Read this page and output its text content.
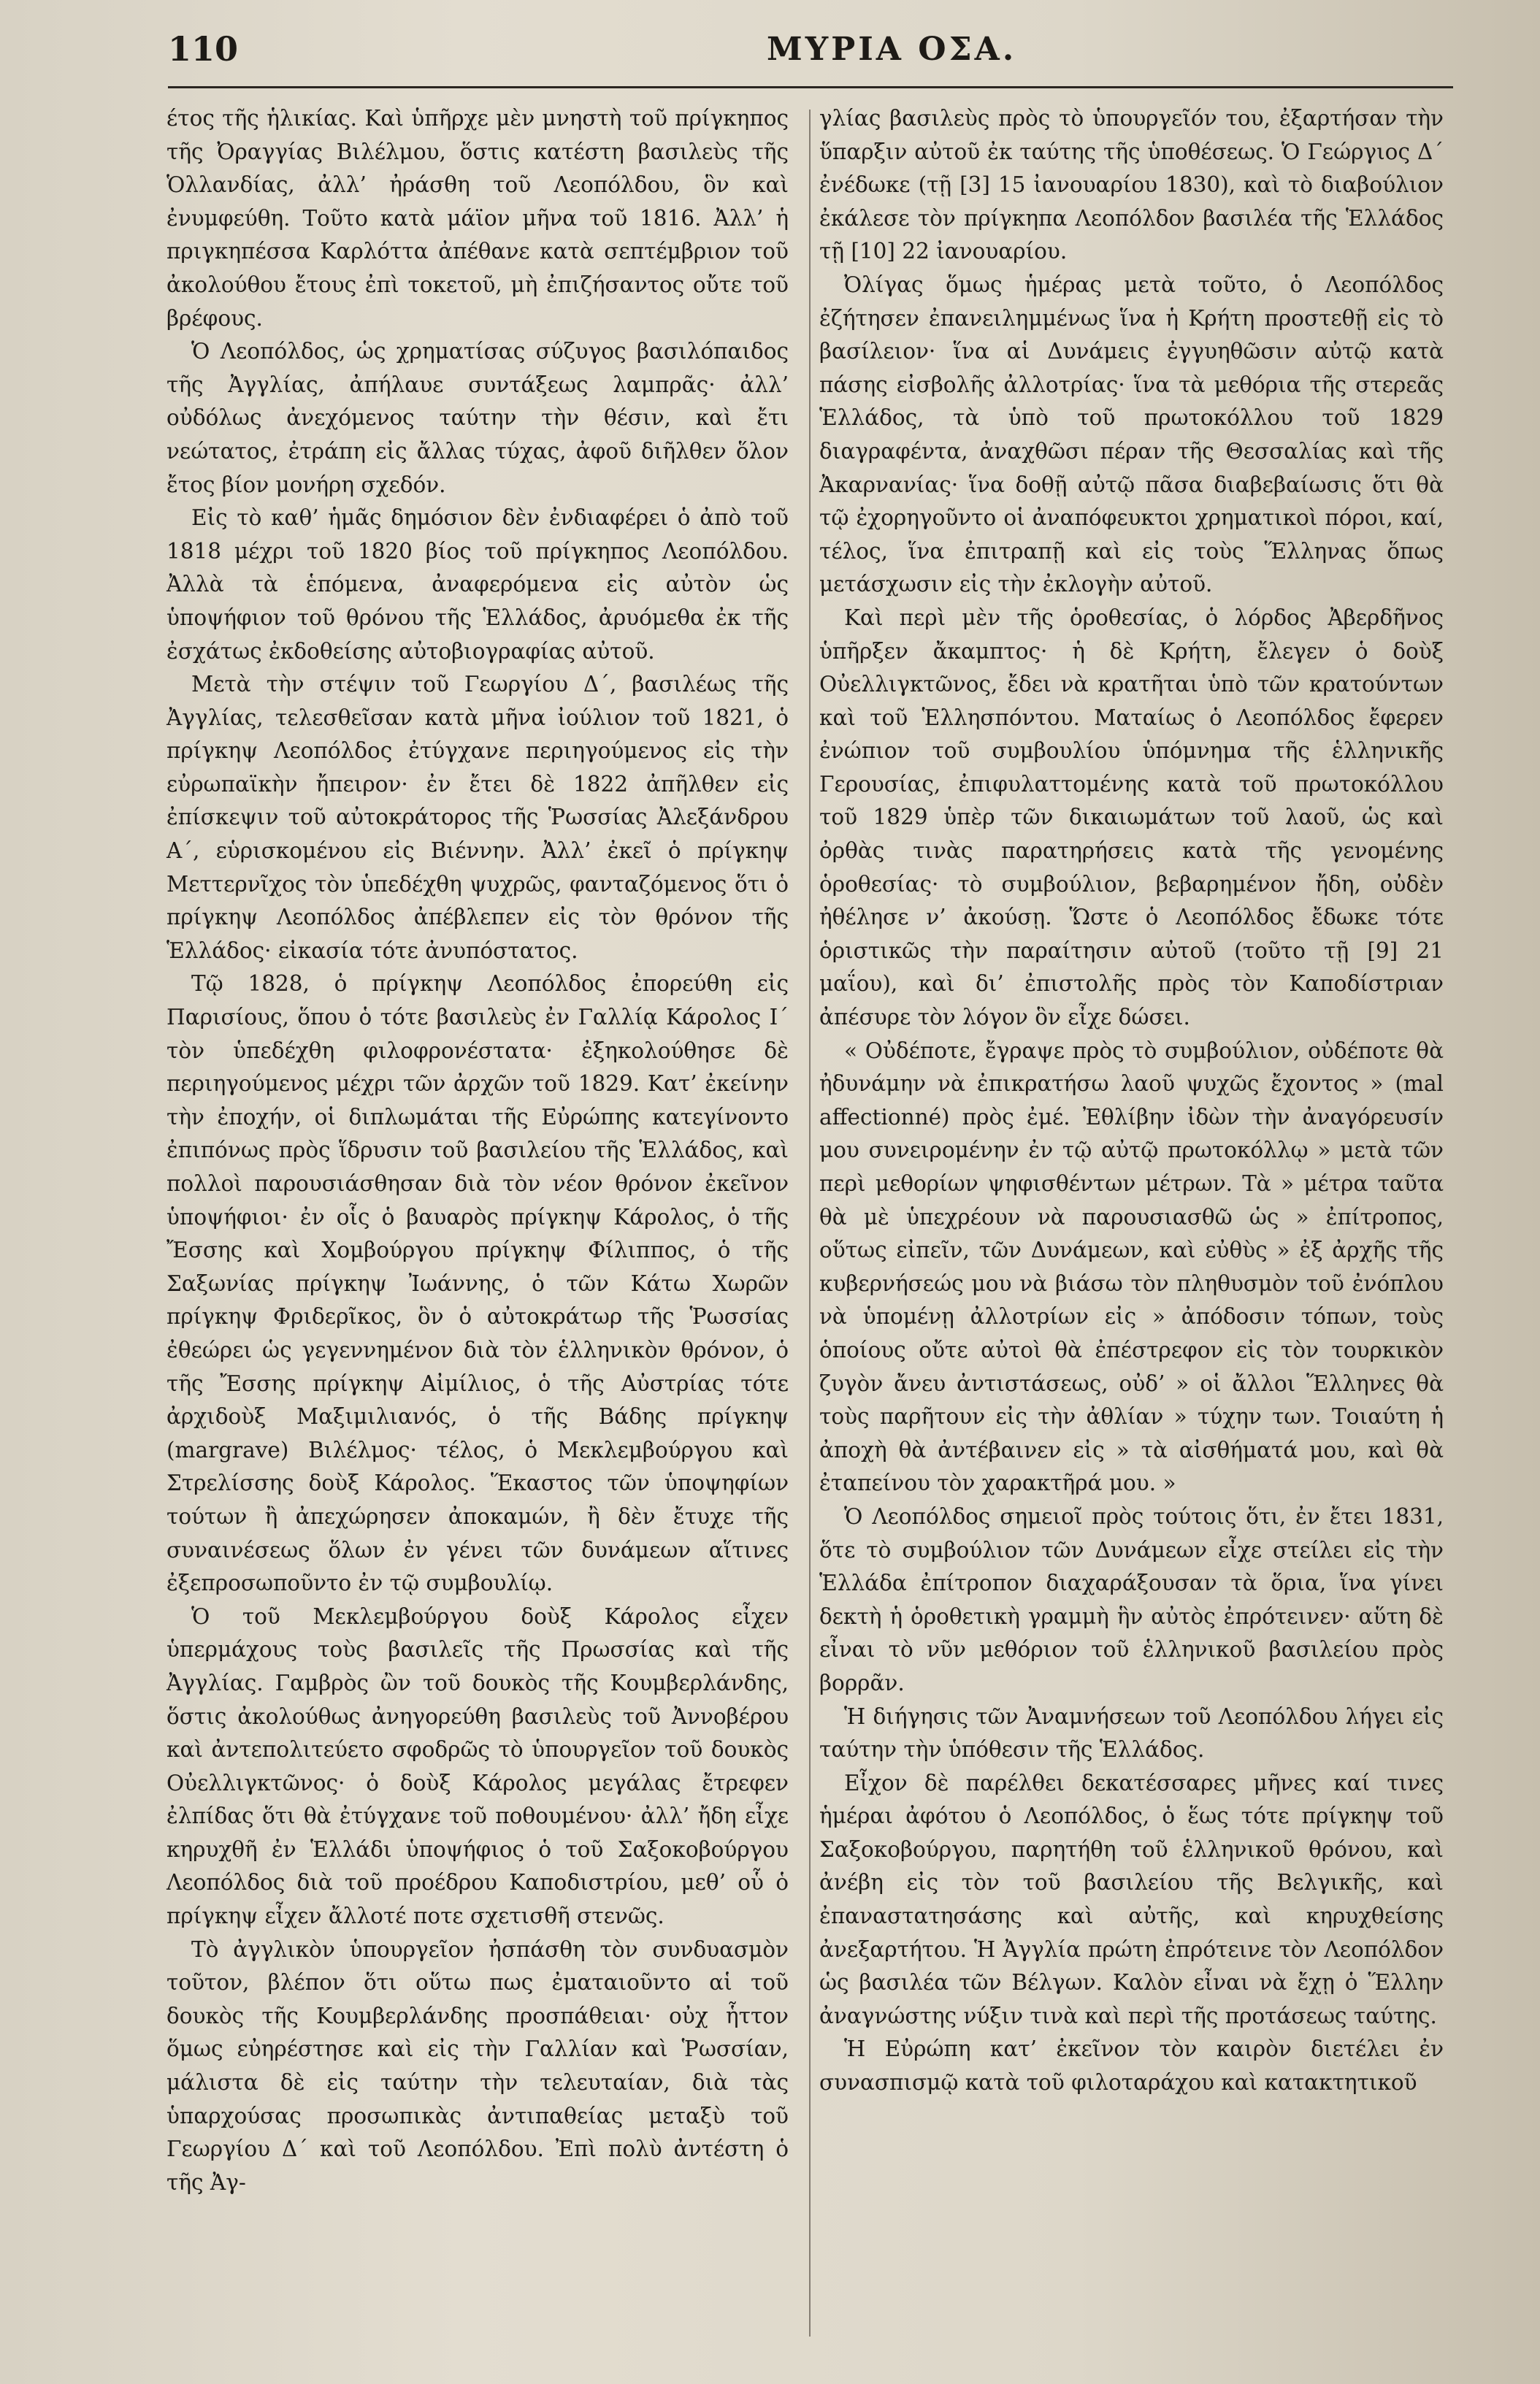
110	ΜΥΡΙΑ ΟΣΑ.

έτος τῆς ἡλικίας. Καὶ ὑπῆρχε μὲν μνηστὴ τοῦ πρίγκηπος τῆς Ὀραγγίας Βιλέλμου, ὅστις κατέστη βασιλεὺς τῆς Ὁλλανδίας, ἀλλ’ ἠράσθη τοῦ Λεοπόλδου, ὃν καὶ ἐνυμφεύθη. Τοῦτο κατὰ μάϊον μῆνα τοῦ 1816. Ἀλλ’ ἡ πριγκηπέσσα Καρλόττα ἀπέθανε κατὰ σεπτέμβριον τοῦ ἀκολούθου ἔτους ἐπὶ τοκετοῦ, μὴ ἐπιζήσαντος οὔτε τοῦ βρέφους.

Ὁ Λεοπόλδος, ὡς χρηματίσας σύζυγος βασιλόπαιδος τῆς Ἀγγλίας, ἀπήλαυε συντάξεως λαμπρᾶς· ἀλλ’ οὐδόλως ἀνεχόμενος ταύτην τὴν θέσιν, καὶ ἔτι νεώτατος, ἐτράπη εἰς ἄλλας τύχας, ἀφοῦ διῆλθεν ὅλον ἔτος βίον μονήρη σχεδόν.

Εἰς τὸ καθ’ ἡμᾶς δημόσιον δὲν ἐνδιαφέρει ὁ ἀπὸ τοῦ 1818 μέχρι τοῦ 1820 βίος τοῦ πρίγκηπος Λεοπόλδου. Ἀλλὰ τὰ ἑπόμενα, ἀναφερόμενα εἰς αὐτὸν ὡς ὑποψήφιον τοῦ θρόνου τῆς Ἑλλάδος, ἀρυόμεθα ἐκ τῆς ἐσχάτως ἐκδοθείσης αὐτοβιογραφίας αὐτοῦ.

Μετὰ τὴν στέψιν τοῦ Γεωργίου Δ΄, βασιλέως τῆς Ἀγγλίας, τελεσθεῖσαν κατὰ μῆνα ἰούλιον τοῦ 1821, ὁ πρίγκηψ Λεοπόλδος ἐτύγχανε περιηγούμενος εἰς τὴν εὐρωπαϊκὴν ἤπειρον· ἐν ἔτει δὲ 1822 ἀπῆλθεν εἰς ἐπίσκεψιν τοῦ αὐτοκράτορος τῆς Ῥωσσίας Ἀλεξάνδρου Α΄, εὑρισκομένου εἰς Βιέννην. Ἀλλ’ ἐκεῖ ὁ πρίγκηψ Μεττερνῖχος τὸν ὑπεδέχθη ψυχρῶς, φανταζόμενος ὅτι ὁ πρίγκηψ Λεοπόλδος ἀπέβλεπεν εἰς τὸν θρόνον τῆς Ἑλλάδος· εἰκασία τότε ἀνυπόστατος.

Τῷ 1828, ὁ πρίγκηψ Λεοπόλδος ἐπορεύθη εἰς Παρισίους, ὅπου ὁ τότε βασιλεὺς ἐν Γαλλίᾳ Κάρολος Ι΄ τὸν ὑπεδέχθη φιλοφρονέστατα· ἐξηκολούθησε δὲ περιηγούμενος μέχρι τῶν ἀρχῶν τοῦ 1829. Κατ’ ἐκείνην τὴν ἐποχήν, οἱ διπλωμάται τῆς Εὐρώπης κατεγίνοντο ἐπιπόνως πρὸς ἵδρυσιν τοῦ βασιλείου τῆς Ἑλλάδος, καὶ πολλοὶ παρουσιάσθησαν διὰ τὸν νέον θρόνον ἐκεῖνον ὑποψήφιοι· ἐν οἷς ὁ βαυαρὸς πρίγκηψ Κάρολος, ὁ τῆς Ἔσσης καὶ Χομβούργου πρίγκηψ Φίλιππος, ὁ τῆς Σαξωνίας πρίγκηψ Ἰωάννης, ὁ τῶν Κάτω Χωρῶν πρίγκηψ Φριδερῖκος, ὃν ὁ αὐτοκράτωρ τῆς Ῥωσσίας ἐθεώρει ὡς γεγεννημένον διὰ τὸν ἑλληνικὸν θρόνον, ὁ τῆς Ἔσσης πρίγκηψ Αἰμίλιος, ὁ τῆς Αὐστρίας τότε ἀρχιδοὺξ Μαξιμιλιανός, ὁ τῆς Βάδης πρίγκηψ (margrave) Βιλέλμος· τέλος, ὁ Μεκλεμβούργου καὶ Στρελίσσης δοὺξ Κάρολος. Ἕκαστος τῶν ὑποψηφίων τούτων ἢ ἀπεχώρησεν ἀποκαμών, ἢ δὲν ἔτυχε τῆς συναινέσεως ὅλων ἐν γένει τῶν δυνάμεων αἵτινες ἐξεπροσωποῦντο ἐν τῷ συμβουλίῳ.

Ὁ τοῦ Μεκλεμβούργου δοὺξ Κάρολος εἶχεν ὑπερμάχους τοὺς βασιλεῖς τῆς Πρωσσίας καὶ τῆς Ἀγγλίας. Γαμβρὸς ὢν τοῦ δουκὸς τῆς Κουμβερλάνδης, ὅστις ἀκολούθως ἀνηγορεύθη βασιλεὺς τοῦ Ἀννοβέρου καὶ ἀντεπολιτεύετο σφοδρῶς τὸ ὑπουργεῖον τοῦ δουκὸς Οὐελλιγκτῶνος· ὁ δοὺξ Κάρολος μεγάλας ἔτρεφεν ἐλπίδας ὅτι θὰ ἐτύγχανε τοῦ ποθουμένου· ἀλλ’ ἤδη εἶχε κηρυχθῆ ἐν Ἑλλάδι ὑποψήφιος ὁ τοῦ Σαξοκοβούργου Λεοπόλδος διὰ τοῦ προέδρου Καποδιστρίου, μεθ’ οὗ ὁ πρίγκηψ εἶχεν ἄλλοτέ ποτε σχετισθῆ στενῶς.

Τὸ ἀγγλικὸν ὑπουργεῖον ἠσπάσθη τὸν συνδυασμὸν τοῦτον, βλέπον ὅτι οὕτω πως ἐματαιοῦντο αἱ τοῦ δουκὸς τῆς Κουμβερλάνδης προσπάθειαι· οὐχ ἧττον ὅμως εὐηρέστησε καὶ εἰς τὴν Γαλλίαν καὶ Ῥωσσίαν, μάλιστα δὲ εἰς ταύτην τὴν τελευταίαν, διὰ τὰς ὑπαρχούσας προσωπικὰς ἀντιπαθείας μεταξὺ τοῦ Γεωργίου Δ΄ καὶ τοῦ Λεοπόλδου. Ἐπὶ πολὺ ἀντέστη ὁ τῆς Ἀγ-

γλίας βασιλεὺς πρὸς τὸ ὑπουργεῖόν του, ἐξαρτήσαν τὴν ὕπαρξιν αὐτοῦ ἐκ ταύτης τῆς ὑποθέσεως. Ὁ Γεώργιος Δ΄ ἐνέδωκε (τῇ [3] 15 ἰανουαρίου 1830), καὶ τὸ διαβούλιον ἐκάλεσε τὸν πρίγκηπα Λεοπόλδον βασιλέα τῆς Ἑλλάδος τῇ [10] 22 ἰανουαρίου.

Ὀλίγας ὅμως ἡμέρας μετὰ τοῦτο, ὁ Λεοπόλδος ἐζήτησεν ἐπανειλημμένως ἵνα ἡ Κρήτη προστεθῇ εἰς τὸ βασίλειον· ἵνα αἱ Δυνάμεις ἐγγυηθῶσιν αὐτῷ κατὰ πάσης εἰσβολῆς ἀλλοτρίας· ἵνα τὰ μεθόρια τῆς στερεᾶς Ἑλλάδος, τὰ ὑπὸ τοῦ πρωτοκόλλου τοῦ 1829 διαγραφέντα, ἀναχθῶσι πέραν τῆς Θεσσαλίας καὶ τῆς Ἀκαρνανίας· ἵνα δοθῇ αὐτῷ πᾶσα διαβεβαίωσις ὅτι θὰ τῷ ἐχορηγοῦντο οἱ ἀναπόφευκτοι χρηματικοὶ πόροι, καί, τέλος, ἵνα ἐπιτραπῇ καὶ εἰς τοὺς Ἕλληνας ὅπως μετάσχωσιν εἰς τὴν ἐκλογὴν αὐτοῦ.

Καὶ περὶ μὲν τῆς ὁροθεσίας, ὁ λόρδος Ἀβερδῆνος ὑπῆρξεν ἄκαμπτος· ἡ δὲ Κρήτη, ἔλεγεν ὁ δοὺξ Οὐελλιγκτῶνος, ἔδει νὰ κρατῆται ὑπὸ τῶν κρατούντων καὶ τοῦ Ἑλλησπόντου. Ματαίως ὁ Λεοπόλδος ἔφερεν ἐνώπιον τοῦ συμβουλίου ὑπόμνημα τῆς ἑλληνικῆς Γερουσίας, ἐπιφυλαττομένης κατὰ τοῦ πρωτοκόλλου τοῦ 1829 ὑπὲρ τῶν δικαιωμάτων τοῦ λαοῦ, ὡς καὶ ὀρθὰς τινὰς παρατηρήσεις κατὰ τῆς γενομένης ὁροθεσίας· τὸ συμβούλιον, βεβαρημένον ἤδη, οὐδὲν ἠθέλησε ν’ ἀκούσῃ. Ὥστε ὁ Λεοπόλδος ἔδωκε τότε ὁριστικῶς τὴν παραίτησιν αὐτοῦ (τοῦτο τῇ [9] 21 μαΐου), καὶ δι’ ἐπιστολῆς πρὸς τὸν Καποδίστριαν ἀπέσυρε τὸν λόγον ὃν εἶχε δώσει.

« Οὐδέποτε, ἔγραψε πρὸς τὸ συμβούλιον, οὐδέποτε θὰ ἠδυνάμην νὰ ἐπικρατήσω λαοῦ ψυχῶς ἔχοντος » (mal affectionné) πρὸς ἐμέ. Ἐθλίβην ἰδὼν τὴν ἀναγόρευσίν μου συνειρομένην ἐν τῷ αὐτῷ πρωτοκόλλῳ » μετὰ τῶν περὶ μεθορίων ψηφισθέντων μέτρων. Τὰ » μέτρα ταῦτα θὰ μὲ ὑπεχρέουν νὰ παρουσιασθῶ ὡς » ἐπίτροπος, οὕτως εἰπεῖν, τῶν Δυνάμεων, καὶ εὐθὺς » ἐξ ἀρχῆς τῆς κυβερνήσεώς μου νὰ βιάσω τὸν πληθυσμὸν τοῦ ἐνόπλου νὰ ὑπομένῃ ἀλλοτρίων εἰς » ἀπόδοσιν τόπων, τοὺς ὁποίους οὔτε αὐτοὶ θὰ ἐπέστρεφον εἰς τὸν τουρκικὸν ζυγὸν ἄνευ ἀντιστάσεως, οὐδ’ » οἱ ἄλλοι Ἕλληνες θὰ τοὺς παρῆτουν εἰς τὴν ἀθλίαν » τύχην των. Τοιαύτη ἡ ἀποχὴ θὰ ἀντέβαινεν εἰς » τὰ αἰσθήματά μου, καὶ θὰ ἐταπείνου τὸν χαρακτῆρά μου. »

Ὁ Λεοπόλδος σημειοῖ πρὸς τούτοις ὅτι, ἐν ἔτει 1831, ὅτε τὸ συμβούλιον τῶν Δυνάμεων εἶχε στείλει εἰς τὴν Ἑλλάδα ἐπίτροπον διαχαράξουσαν τὰ ὅρια, ἵνα γίνει δεκτὴ ἡ ὁροθετικὴ γραμμὴ ἣν αὐτὸς ἐπρότεινεν· αὕτη δὲ εἶναι τὸ νῦν μεθόριον τοῦ ἑλληνικοῦ βασιλείου πρὸς βορρᾶν.

Ἡ διήγησις τῶν Ἀναμνήσεων τοῦ Λεοπόλδου λήγει εἰς ταύτην τὴν ὑπόθεσιν τῆς Ἑλλάδος.

Εἶχον δὲ παρέλθει δεκατέσσαρες μῆνες καί τινες ἡμέραι ἀφότου ὁ Λεοπόλδος, ὁ ἕως τότε πρίγκηψ τοῦ Σαξοκοβούργου, παρητήθη τοῦ ἑλληνικοῦ θρόνου, καὶ ἀνέβη εἰς τὸν τοῦ βασιλείου τῆς Βελγικῆς, καὶ ἐπαναστατησάσης καὶ αὐτῆς, καὶ κηρυχθείσης ἀνεξαρτήτου. Ἡ Ἀγγλία πρώτη ἐπρότεινε τὸν Λεοπόλδον ὡς βασιλέα τῶν Βέλγων. Καλὸν εἶναι νὰ ἔχῃ ὁ Ἕλλην ἀναγνώστης νύξιν τινὰ καὶ περὶ τῆς προτάσεως ταύτης.

Ἡ Εὐρώπη κατ’ ἐκεῖνον τὸν καιρὸν διετέλει ἐν συνασπισμῷ κατὰ τοῦ φιλοταράχου καὶ κατακτητικοῦ
